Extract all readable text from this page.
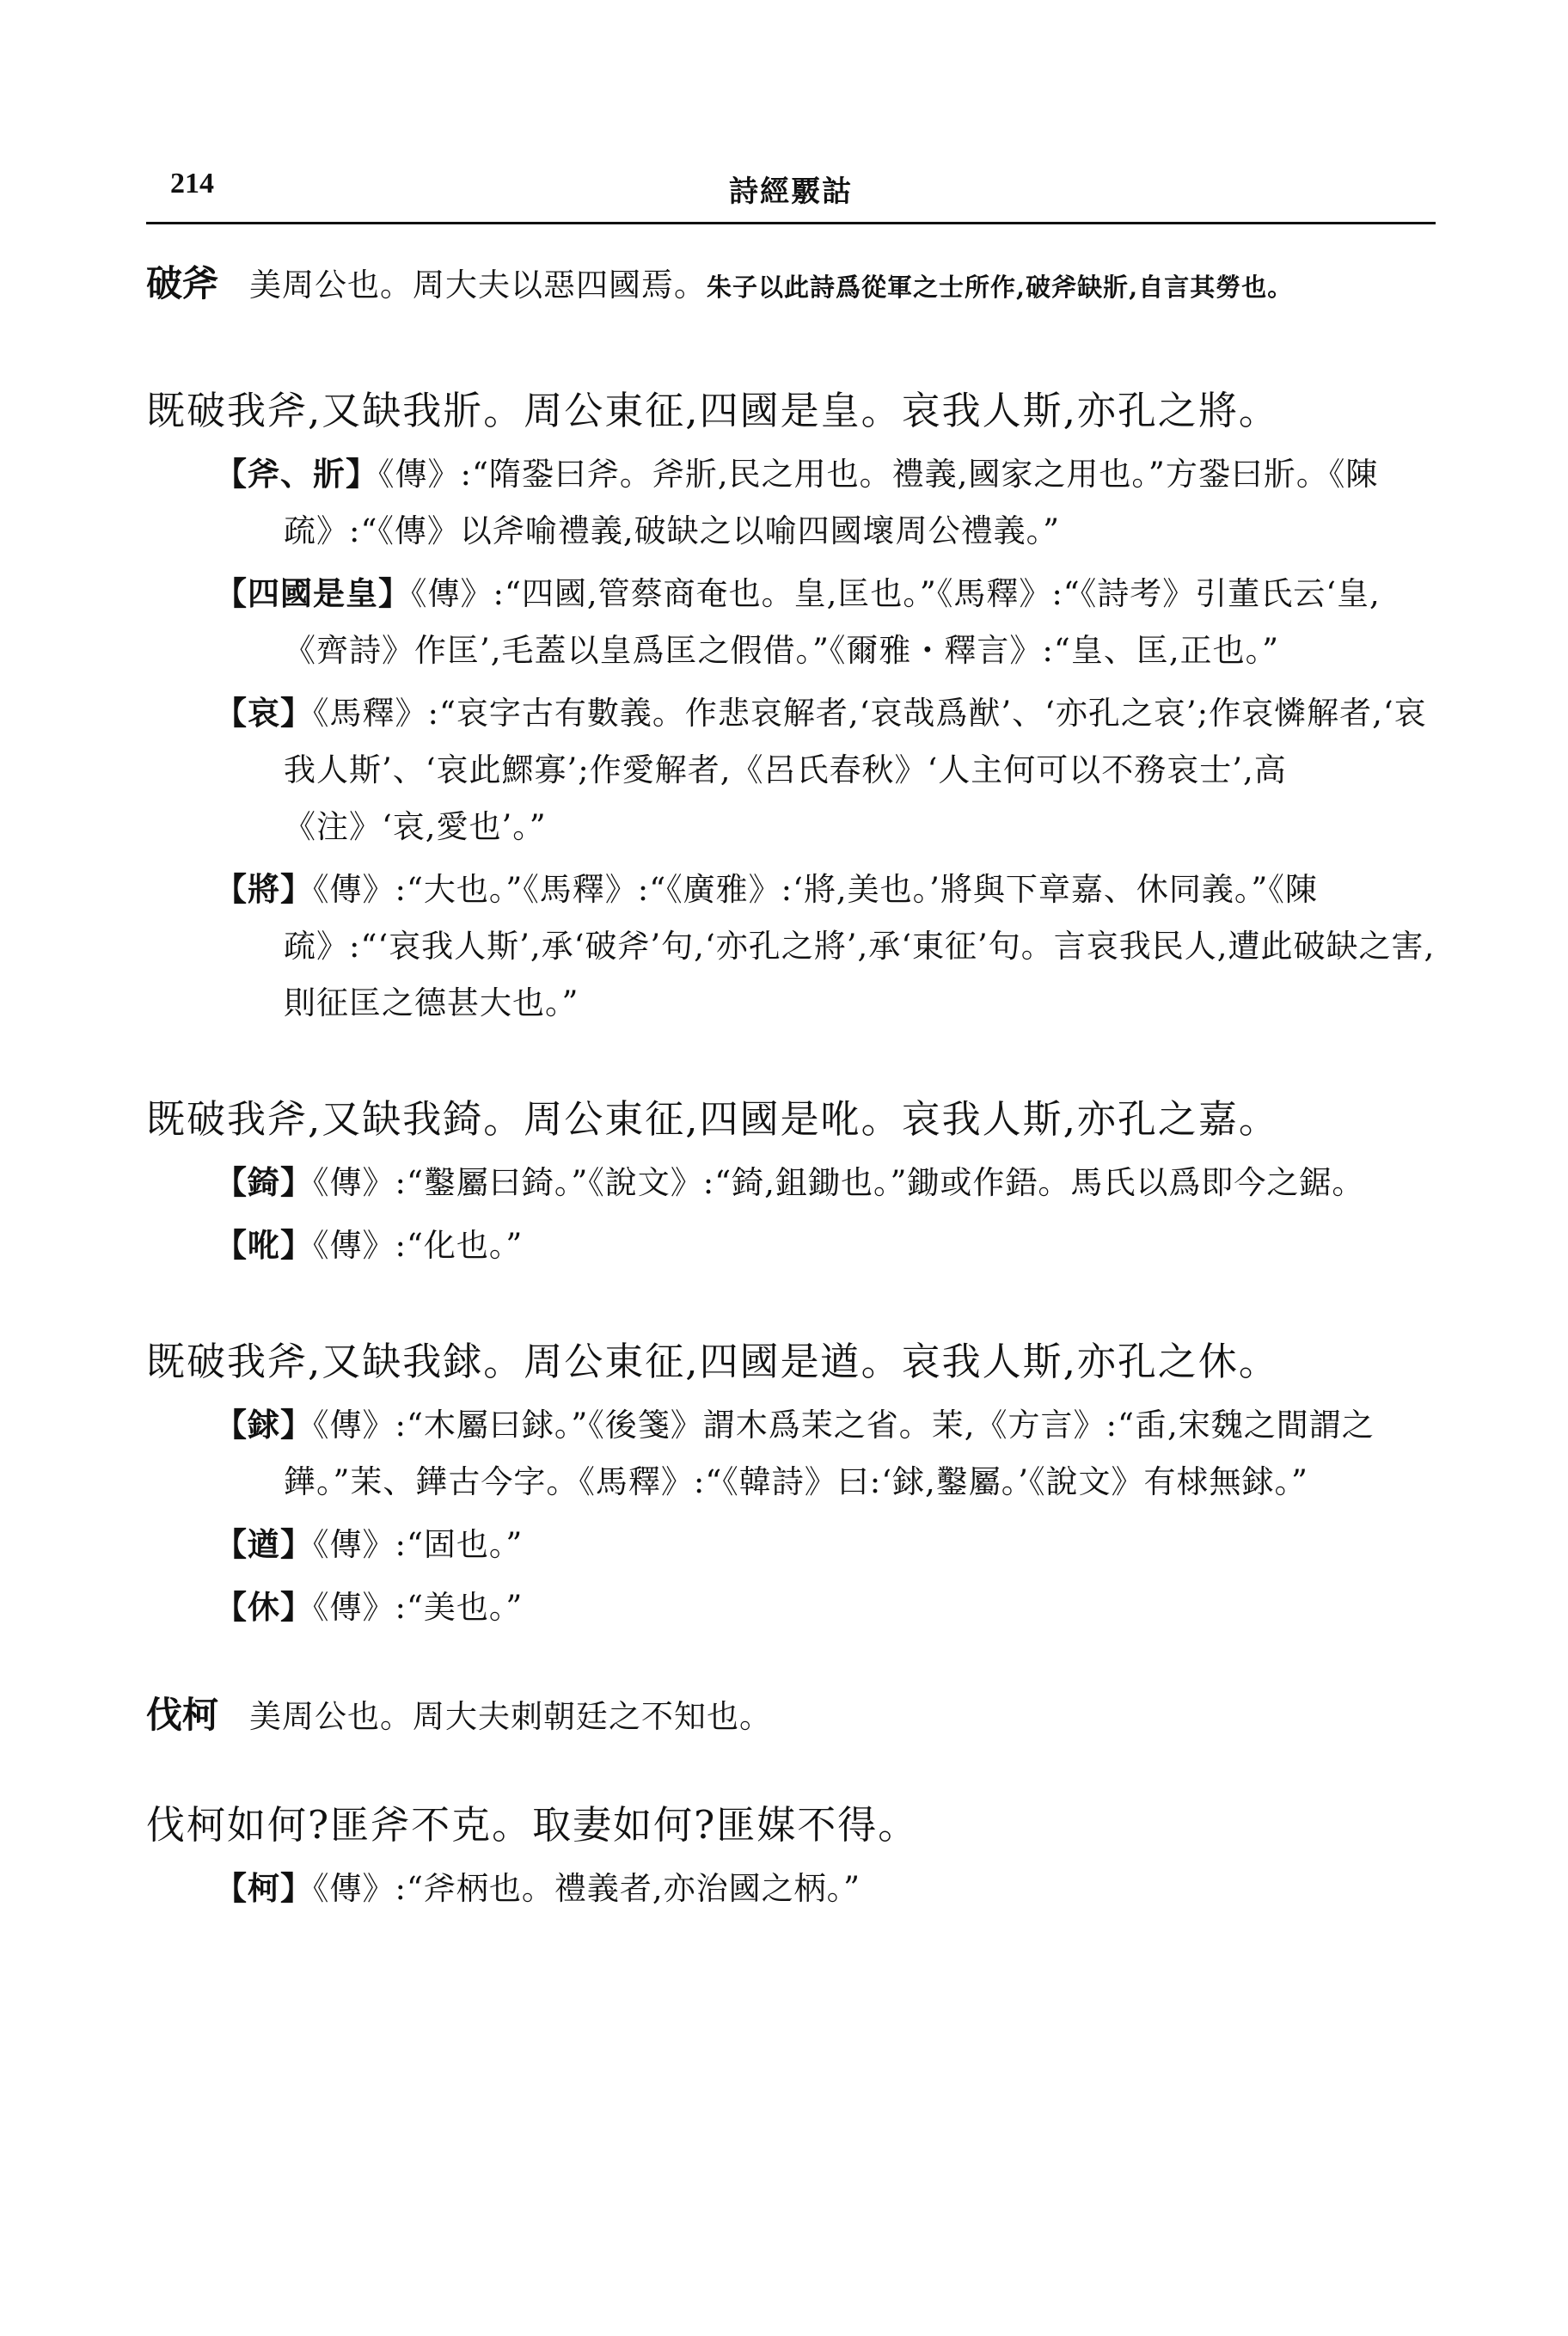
214	詩經覈詁

破斧 美周公也。周大夫以惡四國焉。朱子以此詩爲從軍之士所作,破斧缺斨,自言其勞也。

既破我斧,又缺我斨。周公東征,四國是皇。哀我人斯,亦孔之將。
【斧、斨】《傳》:“隋銎曰斧。斧斨,民之用也。禮義,國家之用也。”方銎曰斨。《陳疏》:“《傳》以斧喻禮義,破缺之以喻四國壞周公禮義。”
【四國是皇】《傳》:“四國,管蔡商奄也。皇,匡也。”《馬釋》:“《詩考》引董氏云‘皇,《齊詩》作匡’,毛蓋以皇爲匡之假借。”《爾雅・釋言》:“皇、匡,正也。”
【哀】《馬釋》:“哀字古有數義。作悲哀解者,‘哀哉爲猷’、‘亦孔之哀’;作哀憐解者,‘哀我人斯’、‘哀此鰥寡’;作愛解者,《呂氏春秋》‘人主何可以不務哀士’,高《注》‘哀,愛也’。”
【將】《傳》:“大也。”《馬釋》:“《廣雅》:‘將,美也。’將與下章嘉、休同義。”《陳疏》:“‘哀我人斯’,承‘破斧’句,‘亦孔之將’,承‘東征’句。言哀我民人,遭此破缺之害,則征匡之德甚大也。”
既破我斧,又缺我錡。周公東征,四國是吪。哀我人斯,亦孔之嘉。
【錡】《傳》:“鑿屬曰錡。”《說文》:“錡,鉏鋤也。”鋤或作鋙。馬氏以爲即今之鋸。
【吪】《傳》:“化也。”
既破我斧,又缺我銶。周公東征,四國是遒。哀我人斯,亦孔之休。
【銶】《傳》:“木屬曰銶。”《後箋》謂木爲茉之省。茉,《方言》:“臿,宋魏之間謂之鏵。”茉、鏵古今字。《馬釋》:“《韓詩》曰:‘銶,鑿屬。’《說文》有梂無銶。”
【遒】《傳》:“固也。”
【休】《傳》:“美也。”

伐柯 美周公也。周大夫刺朝廷之不知也。

伐柯如何?匪斧不克。取妻如何?匪媒不得。
【柯】《傳》:“斧柄也。禮義者,亦治國之柄。”
